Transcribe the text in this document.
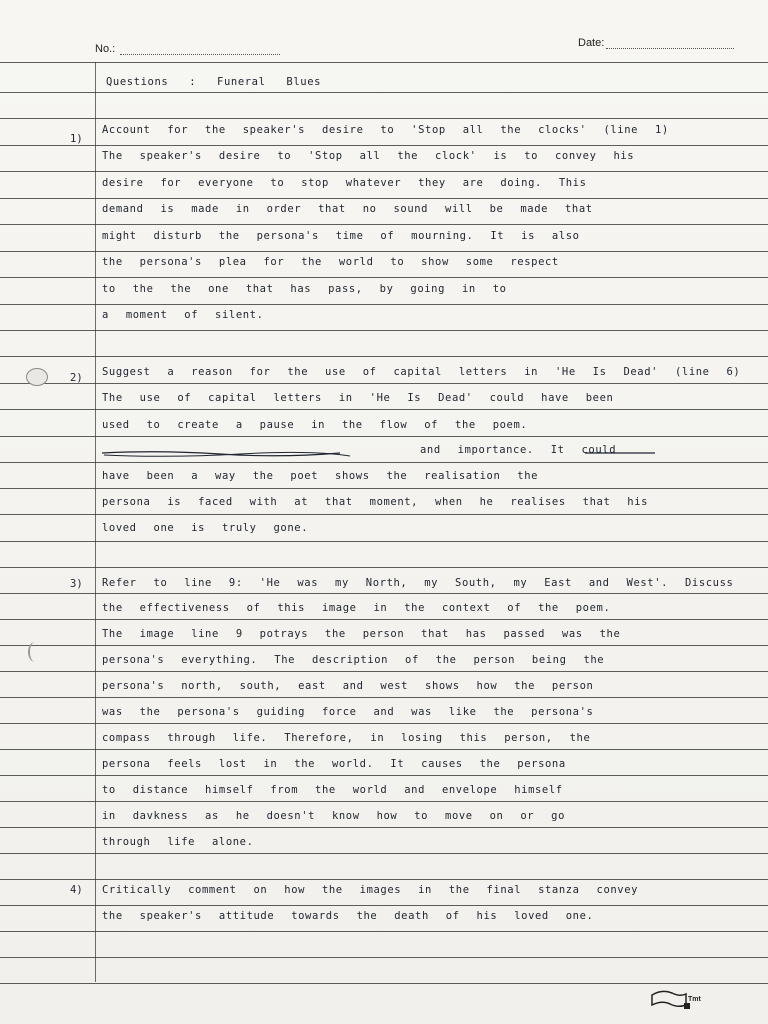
No.:	Date:
Questions : Funeral Blues
1)
Account for the speaker's desire to 'Stop all the clocks' (line 1)
The speaker's desire to 'Stop all the clock' is to convey his
desire for everyone to stop whatever they are doing. This
demand is made in order that no sound will be made that
might disturb the persona's time of mourning. It is also
the persona's plea for the world to show some respect
to the the one that has pass, by going in to
a moment of silent.
2) Suggest a reason for the use of capital letters in 'He Is Dead' (line 6)
The use of capital letters in 'He Is Dead' could have been
used to create a pause in the flow of the poem.
and importance. It could
have been a way the poet shows the realisation the
persona is faced with at that moment, when he realises that his
loved one is truly gone.
3) Refer to line 9: 'He was my North, my South, my East and West'. Discuss
the effectiveness of this image in the context of the poem.
The image line 9 potrays the person that has passed was the
persona's everything. The description of the person being the
persona's north, south, east and west shows how the person
was the persona's guiding force and was like the persona's
compass through life. Therefore, in losing this person, the
persona feels lost in the world. It causes the persona
to distance himself from the world and envelope himself
in davkness as he doesn't know how to move on or go
through life alone.
4) Critically comment on how the images in the final stanza convey
the speaker's attitude towards the death of his loved one.
Tmt
